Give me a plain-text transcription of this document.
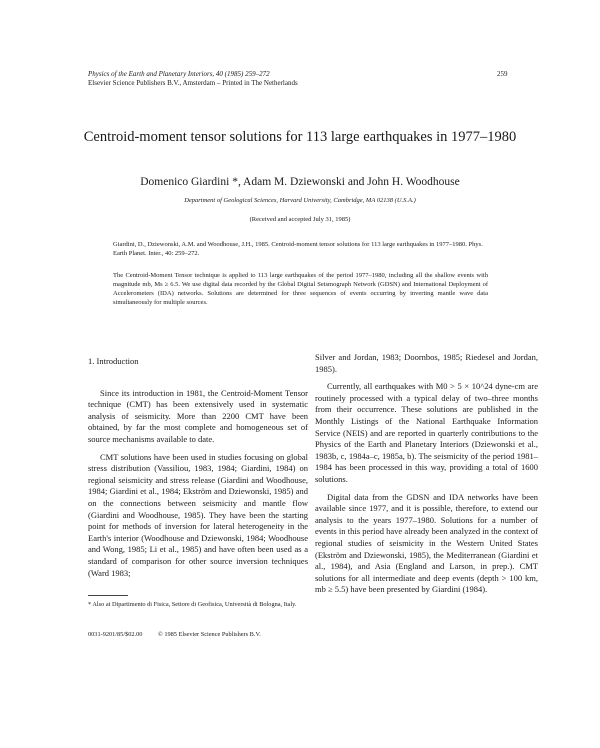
Physics of the Earth and Planetary Interiors, 40 (1985) 259–272
Elsevier Science Publishers B.V., Amsterdam – Printed in The Netherlands
259
Centroid-moment tensor solutions for 113 large earthquakes in 1977–1980
Domenico Giardini *, Adam M. Dziewonski and John H. Woodhouse
Department of Geological Sciences, Harvard University, Cambridge, MA 02138 (U.S.A.)
(Received and accepted July 31, 1985)
Giardini, D., Dziewonski, A.M. and Woodhouse, J.H., 1985. Centroid-moment tensor solutions for 113 large earthquakes in 1977–1980. Phys. Earth Planet. Inter., 40: 259–272.
The Centroid-Moment Tensor technique is applied to 113 large earthquakes of the period 1977–1980, including all the shallow events with magnitude mb, Ms ≥ 6.5. We use digital data recorded by the Global Digital Seismograph Network (GDSN) and International Deployment of Accelerometers (IDA) networks. Solutions are determined for three sequences of events occurring by inverting mantle wave data simultaneously for multiple sources.
1. Introduction

Since its introduction in 1981, the Centroid-Moment Tensor technique (CMT) has been extensively used in systematic analysis of seismicity. More than 2200 CMT have been obtained, by far the most complete and homogeneous set of source mechanisms available to date.

CMT solutions have been used in studies focusing on global stress distribution (Vassiliou, 1983, 1984; Giardini, 1984) on regional seismicity and stress release (Giardini and Woodhouse, 1984; Giardini et al., 1984; Ekström and Dziewonski, 1985) and on the connections between seismicity and mantle flow (Giardini and Woodhouse, 1985). They have been the starting point for methods of inversion for lateral heterogeneity in the Earth's interior (Woodhouse and Dziewonski, 1984; Woodhouse and Wong, 1985; Li et al., 1985) and have often been used as a standard of comparison for other source inversion techniques (Ward 1983;

Silver and Jordan, 1983; Doornbos, 1985; Riedesel and Jordan, 1985).

Currently, all earthquakes with M0 > 5 × 10^24 dyne-cm are routinely processed with a typical delay of two–three months from their occurrence. These solutions are published in the Monthly Listings of the National Earthquake Information Service (NEIS) and are reported in quarterly contributions to the Physics of the Earth and Planetary Interiors (Dziewonski et al., 1983b, c, 1984a–c, 1985a, b). The seismicity of the period 1981–1984 has been processed in this way, providing a total of 1600 solutions.

Digital data from the GDSN and IDA networks have been available since 1977, and it is possible, therefore, to extend our analysis to the years 1977–1980. Solutions for a number of events in this period have already been analyzed in the context of regional studies of seismicity in the Western United States (Ekström and Dziewonski, 1985), the Mediterranean (Giardini et al., 1984), and Asia (England and Larson, in prep.). CMT solutions for all intermediate and deep events (depth > 100 km, mb ≥ 5.5) have been presented by Giardini (1984).

* Also at Dipartimento di Fisica, Settore di Geofisica, Università di Bologna, Italy.
0031-9201/85/$02.00 © 1985 Elsevier Science Publishers B.V.
